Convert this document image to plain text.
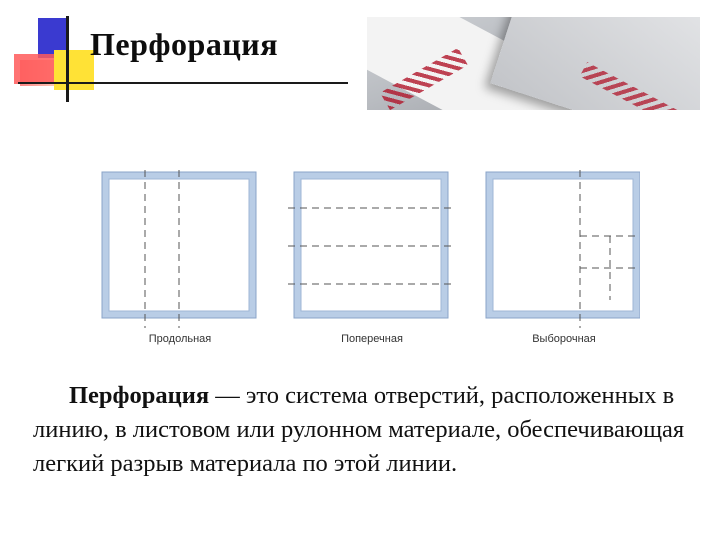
Перфорация
Продольная	Поперечная	Выборочная
Перфорация — это система отверстий, расположенных в линию, в листовом или рулонном материале, обеспечивающая легкий разрыв материала по этой линии.
